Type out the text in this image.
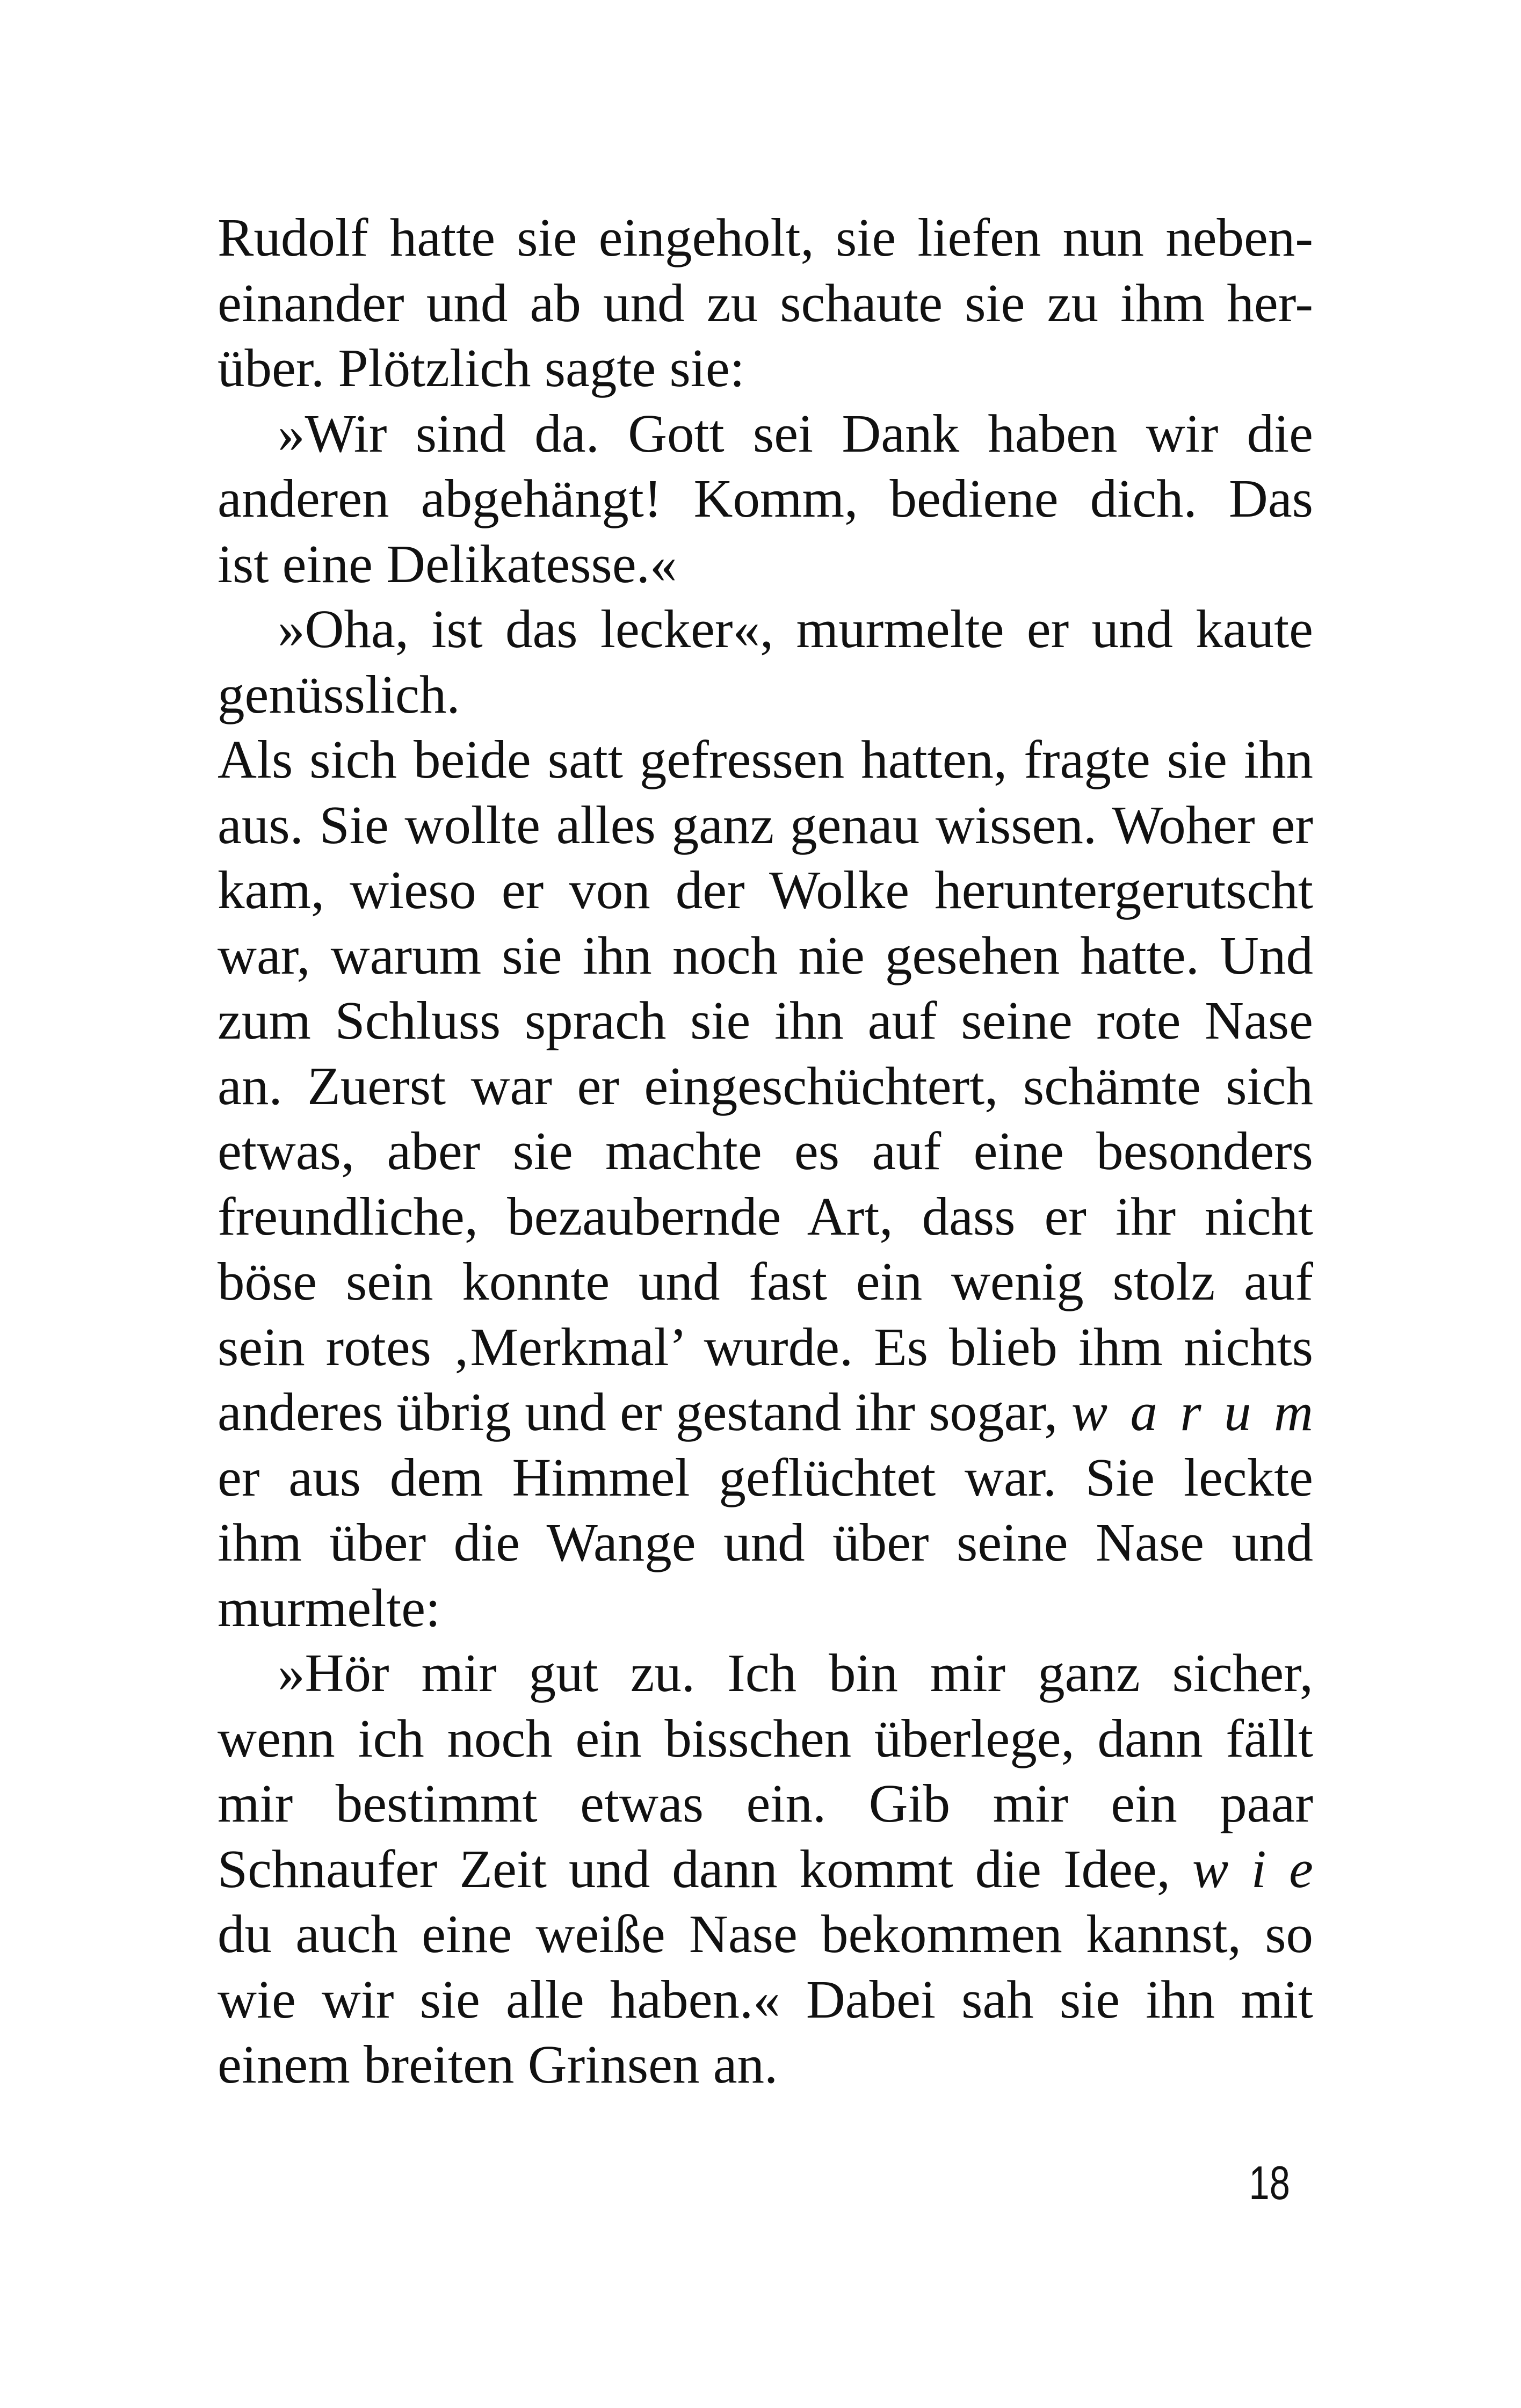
Rudolf hatte sie eingeholt, sie liefen nun neben-
einander und ab und zu schaute sie zu ihm her-
über. Plötzlich sagte sie:
»Wir sind da. Gott sei Dank haben wir die
anderen abgehängt! Komm, bediene dich. Das
ist eine Delikatesse.«
»Oha, ist das lecker«, murmelte er und kaute
genüsslich.
Als sich beide satt gefressen hatten, fragte sie ihn
aus. Sie wollte alles ganz genau wissen. Woher er
kam, wieso er von der Wolke heruntergerutscht
war, warum sie ihn noch nie gesehen hatte. Und
zum Schluss sprach sie ihn auf seine rote Nase
an. Zuerst war er eingeschüchtert, schämte sich
etwas, aber sie machte es auf eine besonders
freundliche, bezaubernde Art, dass er ihr nicht
böse sein konnte und fast ein wenig stolz auf
sein rotes ‚Merkmal’ wurde. Es blieb ihm nichts
anderes übrig und er gestand ihr sogar, warum
er aus dem Himmel geflüchtet war. Sie leckte
ihm über die Wange und über seine Nase und
murmelte:
»Hör mir gut zu. Ich bin mir ganz sicher,
wenn ich noch ein bisschen überlege, dann fällt
mir bestimmt etwas ein. Gib mir ein paar
Schnaufer Zeit und dann kommt die Idee, wie
du auch eine weiße Nase bekommen kannst, so
wie wir sie alle haben.« Dabei sah sie ihn mit
einem breiten Grinsen an.
18
